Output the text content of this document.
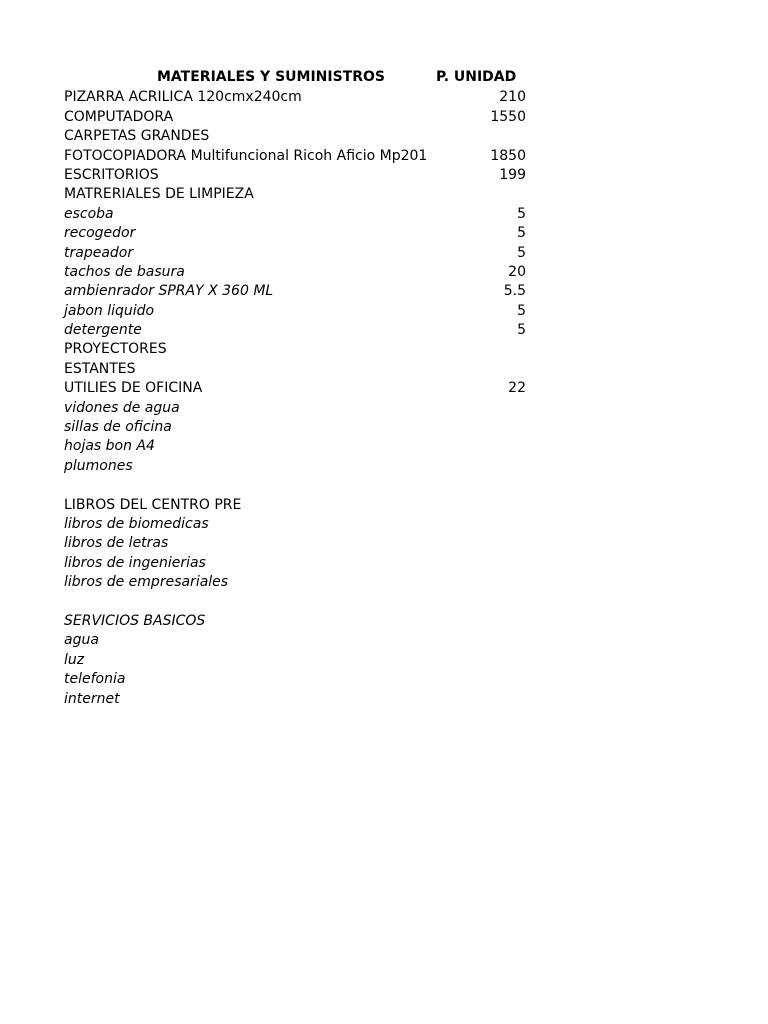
MATERIALES Y SUMINISTROS	P. UNIDAD
PIZARRA ACRILICA 120cmx240cm	210
COMPUTADORA	1550
CARPETAS GRANDES
FOTOCOPIADORA Multifuncional Ricoh Aficio Mp201	1850
ESCRITORIOS	199
MATRERIALES DE LIMPIEZA
escoba	5
recogedor	5
trapeador	5
tachos de basura	20
ambienrador SPRAY X 360 ML	5.5
jabon liquido	5
detergente	5
PROYECTORES
ESTANTES
UTILIES DE OFICINA	22
vidones de agua
sillas de oficina
hojas bon A4
plumones
LIBROS DEL CENTRO PRE
libros de biomedicas
libros de letras
libros de ingenierias
libros de empresariales
SERVICIOS BASICOS
agua
luz
telefonia
internet
